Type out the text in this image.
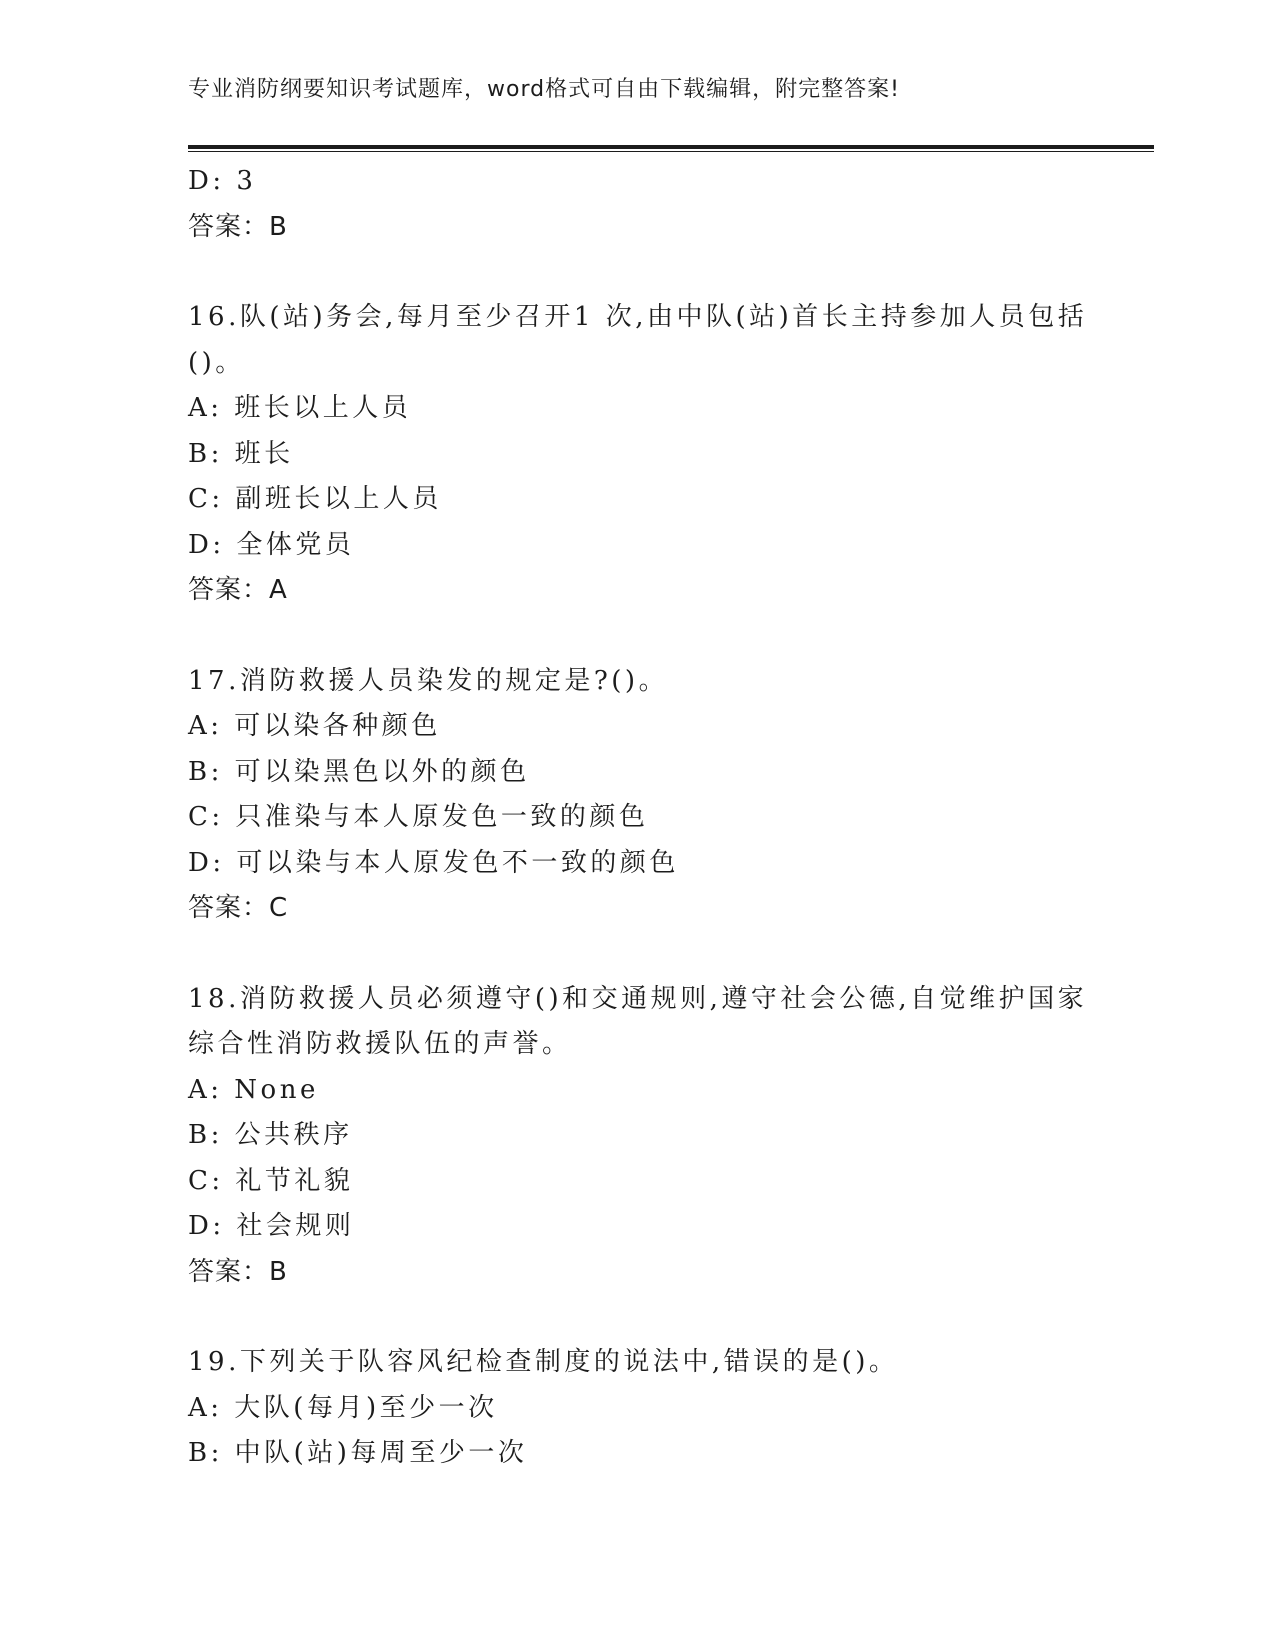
专业消防纲要知识考试题库，word格式可自由下载编辑，附完整答案!
D: 3
答案：B
16.队(站)务会,每月至少召开1 次,由中队(站)首长主持参加人员包括
()。
A: 班长以上人员
B: 班长
C: 副班长以上人员
D: 全体党员
答案：A
17.消防救援人员染发的规定是?()。
A: 可以染各种颜色
B: 可以染黑色以外的颜色
C: 只准染与本人原发色一致的颜色
D: 可以染与本人原发色不一致的颜色
答案：C
18.消防救援人员必须遵守()和交通规则,遵守社会公德,自觉维护国家
综合性消防救援队伍的声誉。
A: None
B: 公共秩序
C: 礼节礼貌
D: 社会规则
答案：B
19.下列关于队容风纪检查制度的说法中,错误的是()。
A: 大队(每月)至少一次
B: 中队(站)每周至少一次
